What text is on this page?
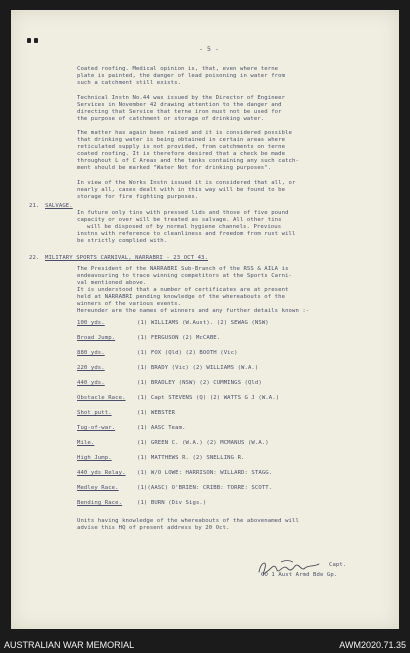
- 5 -

Coated roofing. Medical opinion is, that, even where terne

plate is painted, the danger of lead poisoning in water from

such a catchment still exists.

Technical Instn No.44 was issued by the Director of Engineer

Services in November 42 drawing attention to the danger and

directing that Service that terne iron must not be used for

the purpose of catchment or storage of drinking water.

The matter has again been raised and it is considered possible

that drinking water is being obtained in certain areas where

reticulated supply is not provided, from catchments on terne

coated roofing. It is therefore desired that a check be made

throughout L of C Areas and the tanks containing any such catch-

ment should be marked "Water Not for drinking purposes".

In view of the Works Instn issued it is considered that all, or

nearly all, cases dealt with in this way will be found to be

storage for fire fighting purposes.

21. SALVAGE.

In future only tins with pressed lids and those of five pound

capacity or over will be treated as salvage. All other tins

will be disposed of by normal hygiene channels. Previous

instns with reference to cleanliness and freedom from rust will

be strictly complied with.

22. MILITARY SPORTS CARNIVAL, NARRABRI - 23 OCT 43.

The President of the NARRABRI Sub-Branch of the RSS & AILA is

endeavouring to trace winning competitors at the Sports Carni-

val mentioned above.

It is understood that a number of certificates are at present

held at NARRABRI pending knowledge of the whereabouts of the

winners of the various events.

Hereunder are the names of winners and any further details known :-

100 yds.	(1) WILLIAMS (W.Aust). (2) SEWAG (NSW)

Broad Jump.	(1) FERGUSON (2) McCABE.

880 yds.	(1) FOX (Qld) (2) BOOTH (Vic)

220 yds.	(1) BRADY (Vic) (2) WILLIAMS (W.A.)

440 yds.	(1) BRADLEY (NSW) (2) CUMMINGS (Qld)

Obstacle Race. (1) Capt STEVENS (Q) (2) WATTS G J (W.A.)

Shot putt.	(1) WEBSTER

Tug-of-war.	(1) AASC Team.

Mile.	(1) GREEN C. (W.A.) (2) MCMANUS (W.A.)

High Jump.	(1) MATTHEWS R. (2) SNELLING R.

440 yds Relay. (1) W/O LOWE: HARRISON: WILLARD: STAGG.

Medley Race.	(1)(AASC) O'BRIEN: CRIBB: TORRE: SCOTT.

Bending Race.	(1) BURN (Div Sigs.)

Units having knowledge of the whereabouts of the abovenamed will

advise this HQ of present address by 20 Oct.

Capt.

GO 1 Aust Armd Bde Gp.

AUSTRALIAN WAR MEMORIAL	AWM2020.71.35
